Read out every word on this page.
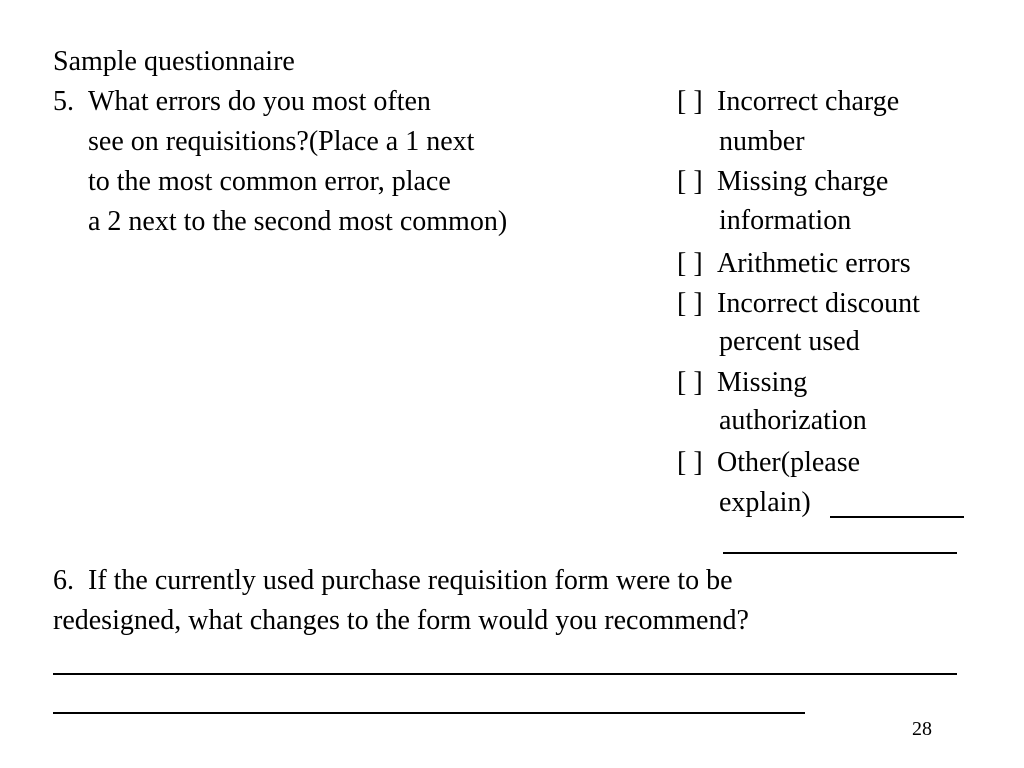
Sample questionnaire
5. What errors do you most often
see on requisitions?(Place a 1 next
to the most common error, place
a 2 next to the second most common)
[ ] Incorrect charge
number
[ ] Missing charge
information
[ ] Arithmetic errors
[ ] Incorrect discount
percent used
[ ] Missing
authorization
[ ] Other(please
explain)
6. If the currently used purchase requisition form were to be
redesigned, what changes to the form would you recommend?
28
